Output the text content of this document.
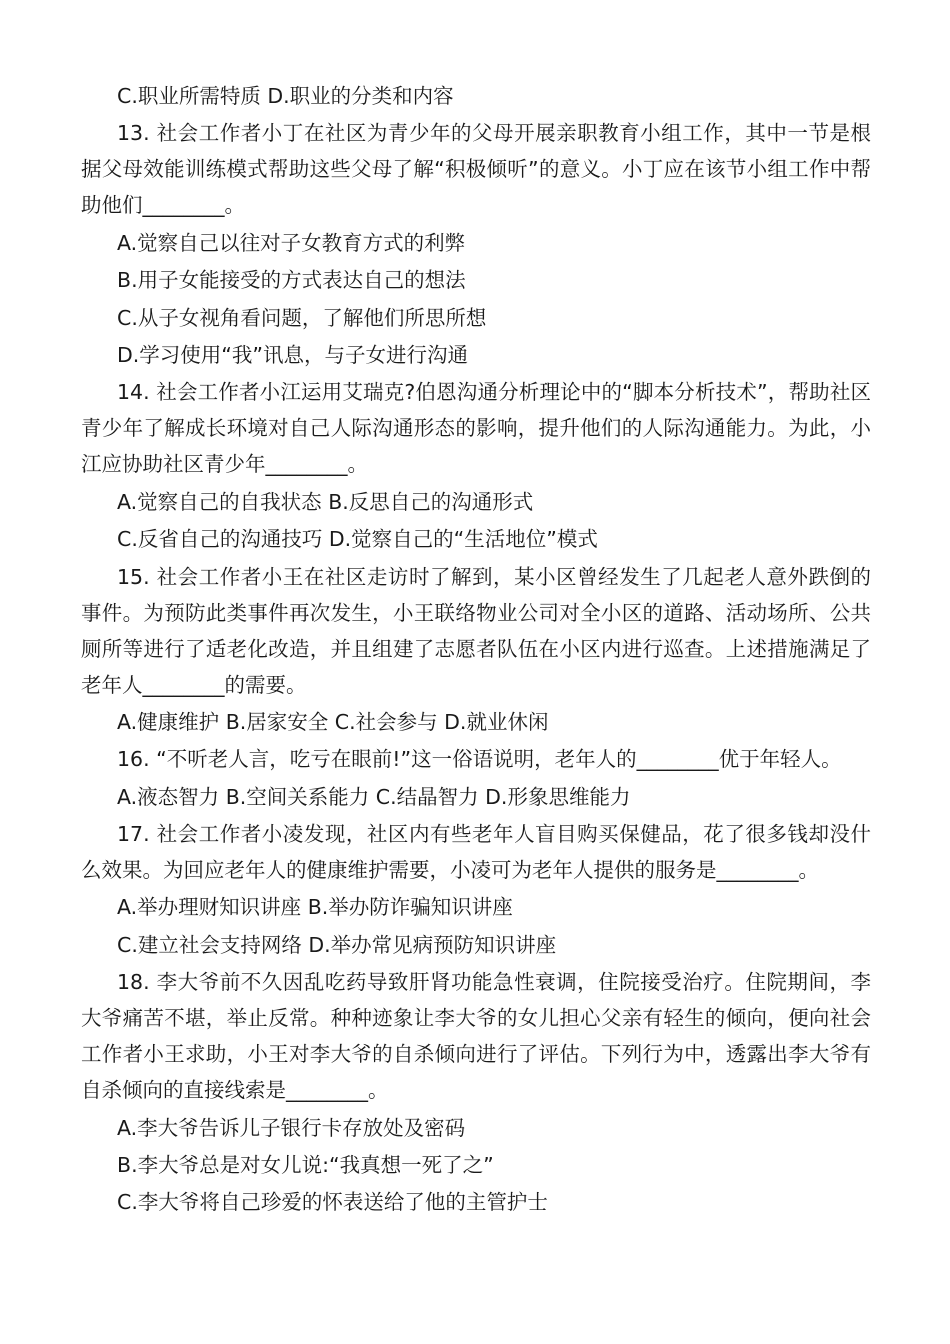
C.职业所需特质 D.职业的分类和内容

13. 社会工作者小丁在社区为青少年的父母开展亲职教育小组工作，其中一节是根据父母效能训练模式帮助这些父母了解“积极倾听”的意义。小丁应在该节小组工作中帮助他们________。

A.觉察自己以往对子女教育方式的利弊

B.用子女能接受的方式表达自己的想法

C.从子女视角看问题，了解他们所思所想

D.学习使用“我”讯息，与子女进行沟通

14. 社会工作者小江运用艾瑞克?伯恩沟通分析理论中的“脚本分析技术”，帮助社区青少年了解成长环境对自己人际沟通形态的影响，提升他们的人际沟通能力。为此，小江应协助社区青少年________。

A.觉察自己的自我状态 B.反思自己的沟通形式

C.反省自己的沟通技巧 D.觉察自己的“生活地位”模式

15. 社会工作者小王在社区走访时了解到，某小区曾经发生了几起老人意外跌倒的事件。为预防此类事件再次发生，小王联络物业公司对全小区的道路、活动场所、公共厕所等进行了适老化改造，并且组建了志愿者队伍在小区内进行巡查。上述措施满足了老年人________的需要。

A.健康维护 B.居家安全 C.社会参与 D.就业休闲

16. “不听老人言，吃亏在眼前!”这一俗语说明，老年人的________优于年轻人。

A.液态智力 B.空间关系能力 C.结晶智力 D.形象思维能力

17. 社会工作者小凌发现，社区内有些老年人盲目购买保健品，花了很多钱却没什么效果。为回应老年人的健康维护需要，小凌可为老年人提供的服务是________。

A.举办理财知识讲座 B.举办防诈骗知识讲座

C.建立社会支持网络 D.举办常见病预防知识讲座

18. 李大爷前不久因乱吃药导致肝肾功能急性衰调，住院接受治疗。住院期间，李大爷痛苦不堪，举止反常。种种迹象让李大爷的女儿担心父亲有轻生的倾向，便向社会工作者小王求助，小王对李大爷的自杀倾向进行了评估。下列行为中，透露出李大爷有自杀倾向的直接线索是________。

A.李大爷告诉儿子银行卡存放处及密码

B.李大爷总是对女儿说:“我真想一死了之”

C.李大爷将自己珍爱的怀表送给了他的主管护士
